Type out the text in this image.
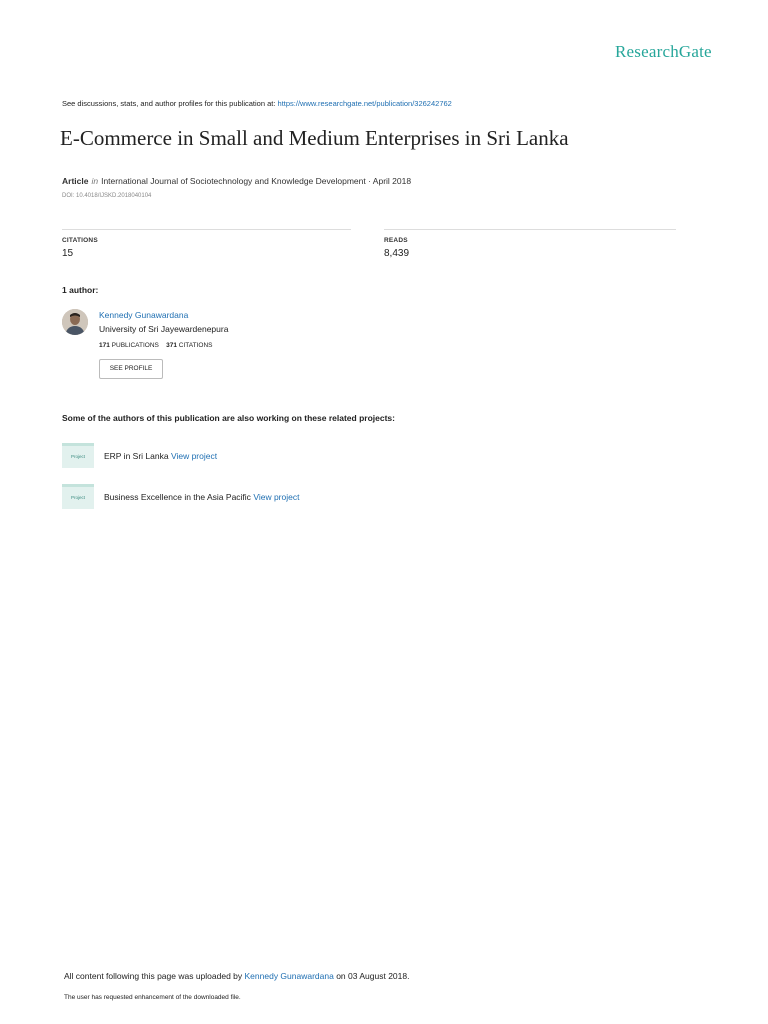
ResearchGate
See discussions, stats, and author profiles for this publication at: https://www.researchgate.net/publication/326242762
E-Commerce in Small and Medium Enterprises in Sri Lanka
Article in International Journal of Sociotechnology and Knowledge Development · April 2018
DOI: 10.4018/IJSKD.2018040104
CITATIONS
15
READS
8,439
1 author:
Kennedy Gunawardana
University of Sri Jayewardenepura
171 PUBLICATIONS 371 CITATIONS
SEE PROFILE
Some of the authors of this publication are also working on these related projects:
Project	ERP in Sri Lanka View project
Project	Business Excellence in the Asia Pacific View project
All content following this page was uploaded by Kennedy Gunawardana on 03 August 2018.
The user has requested enhancement of the downloaded file.
